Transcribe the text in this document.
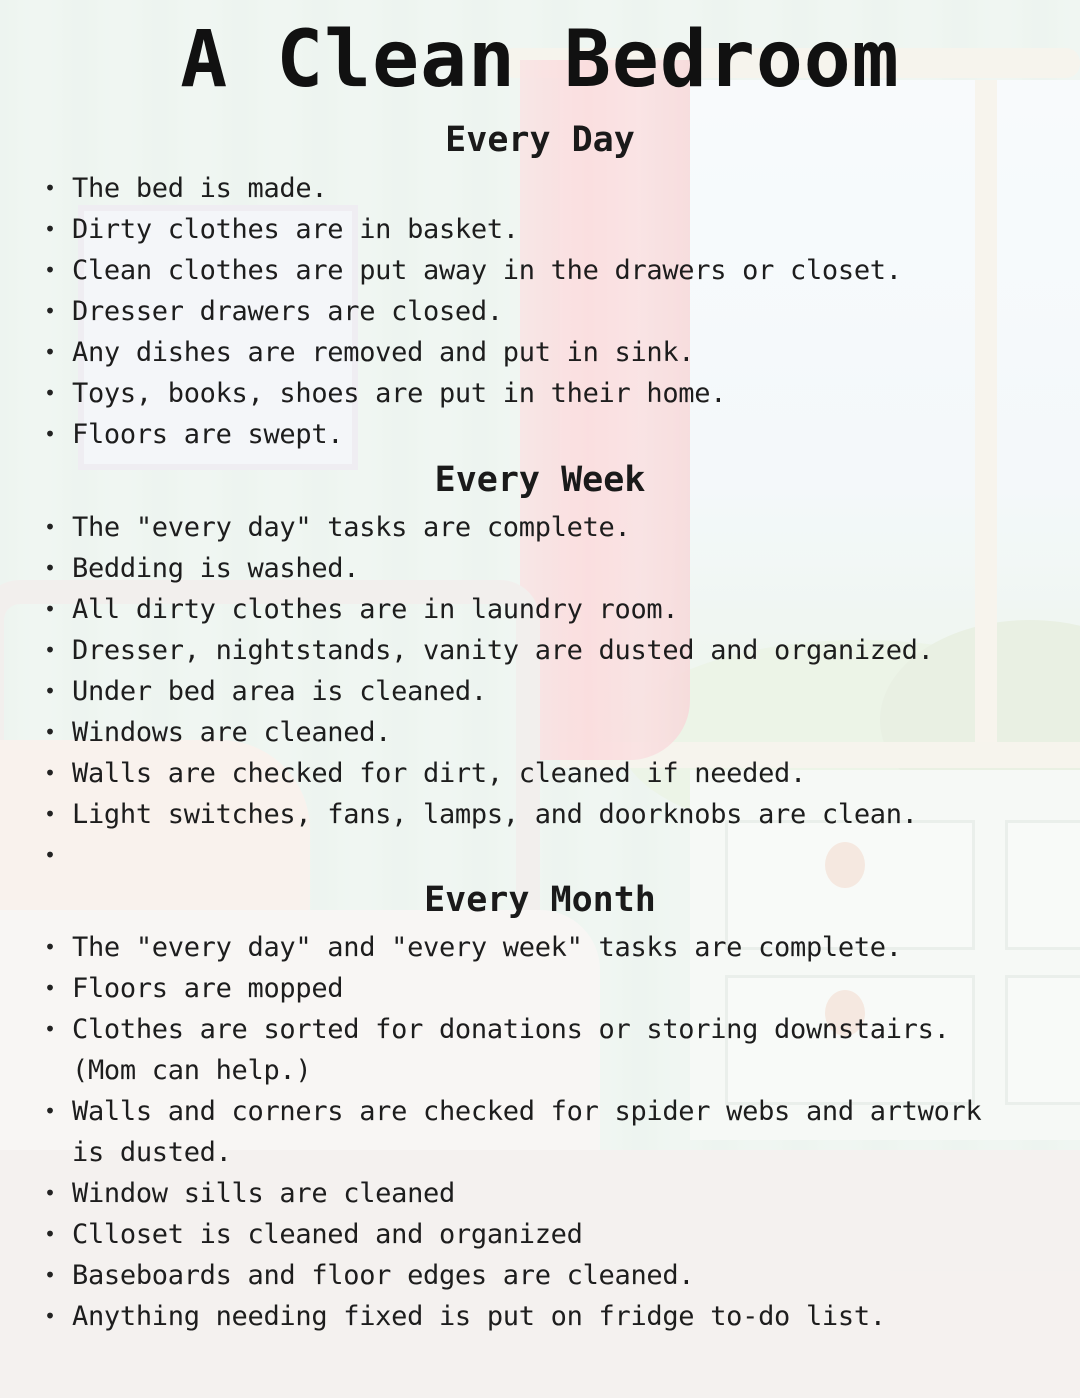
A Clean Bedroom
Every Day
• The bed is made.
• Dirty clothes are in basket.
• Clean clothes are put away in the drawers or closet.
• Dresser drawers are closed.
• Any dishes are removed and put in sink.
• Toys, books, shoes are put in their home.
• Floors are swept.
Every Week
• The "every day" tasks are complete.
• Bedding is washed.
• All dirty clothes are in laundry room.
• Dresser, nightstands, vanity are dusted and organized.
• Under bed area is cleaned.
• Windows are cleaned.
• Walls are checked for dirt, cleaned if needed.
• Light switches, fans, lamps, and doorknobs are clean.
•
Every Month
• The "every day" and "every week" tasks are complete.
• Floors are mopped
• Clothes are sorted for donations or storing downstairs. (Mom can help.)
• Walls and corners are checked for spider webs and artwork is dusted.
• Window sills are cleaned
• Clloset is cleaned and organized
• Baseboards and floor edges are cleaned.
• Anything needing fixed is put on fridge to-do list.
